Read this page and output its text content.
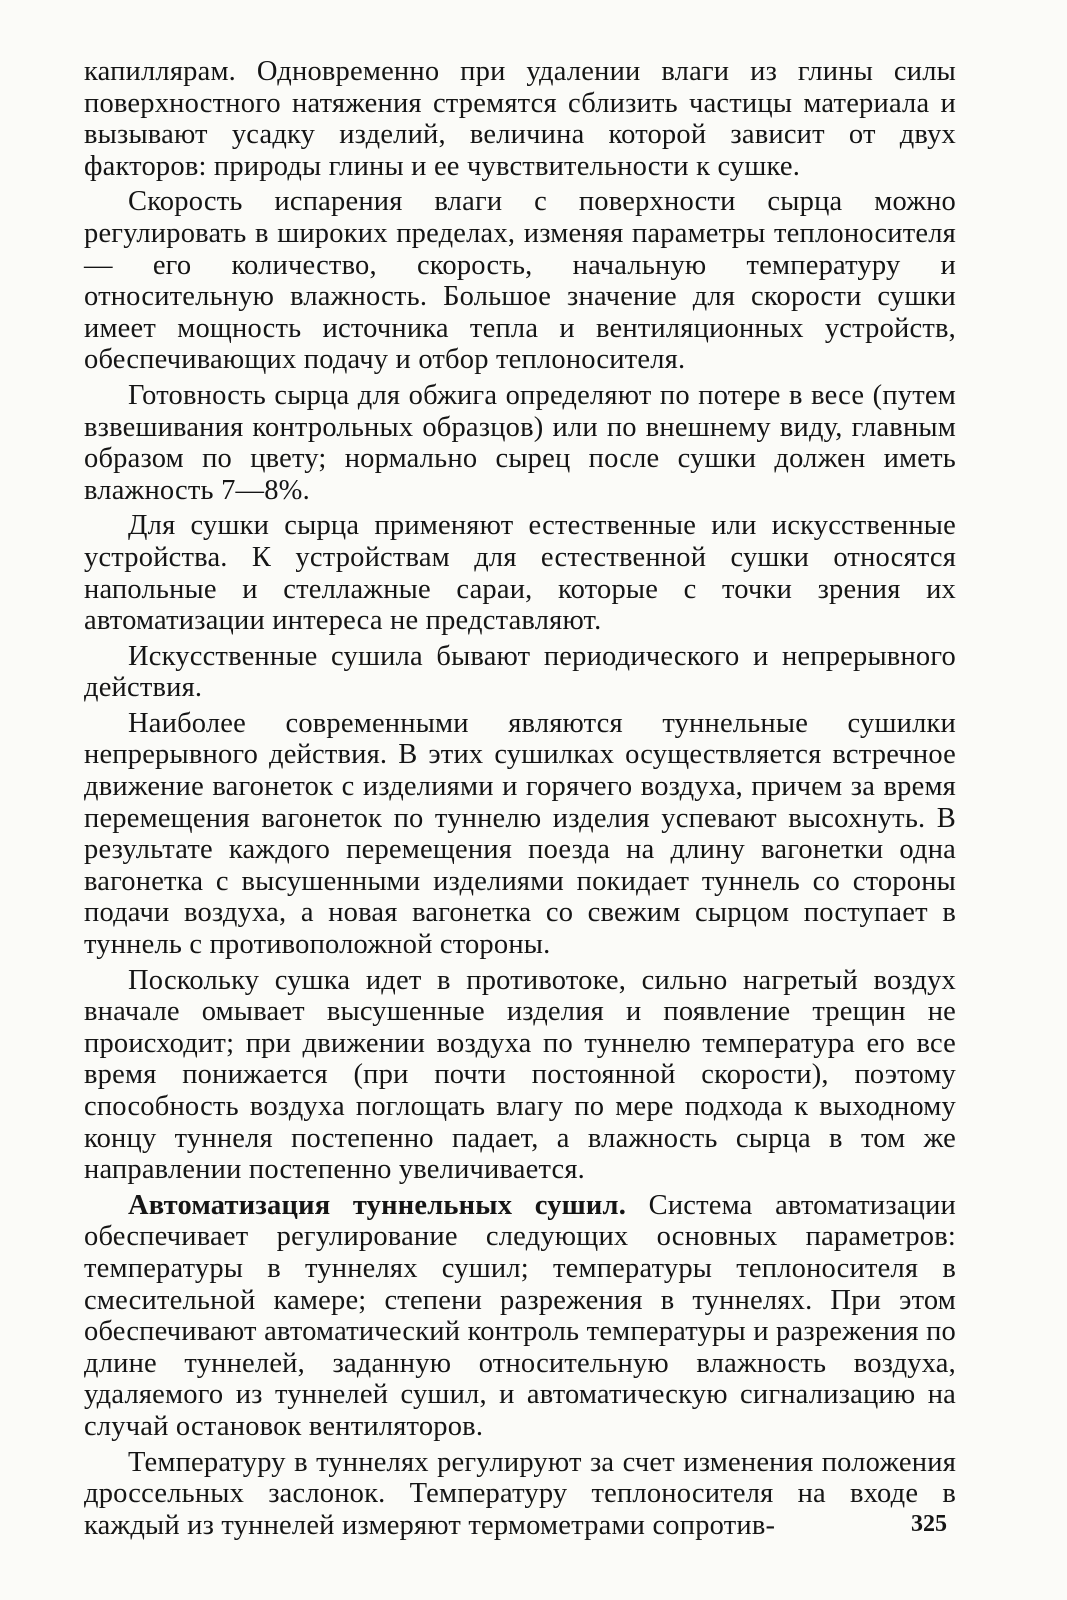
капиллярам. Одновременно при удалении влаги из глины силы поверхностного натяжения стремятся сблизить частицы материала и вызывают усадку изделий, величина которой зависит от двух факторов: природы глины и ее чувствительности к сушке.

Скорость испарения влаги с поверхности сырца можно регулировать в широких пределах, изменяя параметры теплоносителя — его количество, скорость, начальную температуру и относительную влажность. Большое значение для скорости сушки имеет мощность источника тепла и вентиляционных устройств, обеспечивающих подачу и отбор теплоносителя.

Готовность сырца для обжига определяют по потере в весе (путем взвешивания контрольных образцов) или по внешнему виду, главным образом по цвету; нормально сырец после сушки должен иметь влажность 7—8%.

Для сушки сырца применяют естественные или искусственные устройства. К устройствам для естественной сушки относятся напольные и стеллажные сараи, которые с точки зрения их автоматизации интереса не представляют.

Искусственные сушила бывают периодического и непрерывного действия.

Наиболее современными являются туннельные сушилки непрерывного действия. В этих сушилках осуществляется встречное движение вагонеток с изделиями и горячего воздуха, причем за время перемещения вагонеток по туннелю изделия успевают высохнуть. В результате каждого перемещения поезда на длину вагонетки одна вагонетка с высушенными изделиями покидает туннель со стороны подачи воздуха, а новая вагонетка со свежим сырцом поступает в туннель с противоположной стороны.

Поскольку сушка идет в противотоке, сильно нагретый воздух вначале омывает высушенные изделия и появление трещин не происходит; при движении воздуха по туннелю температура его все время понижается (при почти постоянной скорости), поэтому способность воздуха поглощать влагу по мере подхода к выходному концу туннеля постепенно падает, а влажность сырца в том же направлении постепенно увеличивается.

Автоматизация туннельных сушил. Система автоматизации обеспечивает регулирование следующих основных параметров: температуры в туннелях сушил; температуры теплоносителя в смесительной камере; степени разрежения в туннелях. При этом обеспечивают автоматический контроль температуры и разрежения по длине туннелей, заданную относительную влажность воздуха, удаляемого из туннелей сушил, и автоматическую сигнализацию на случай остановок вентиляторов.

Температуру в туннелях регулируют за счет изменения положения дроссельных заслонок. Температуру теплоносителя на входе в каждый из туннелей измеряют термометрами сопротив-	325
